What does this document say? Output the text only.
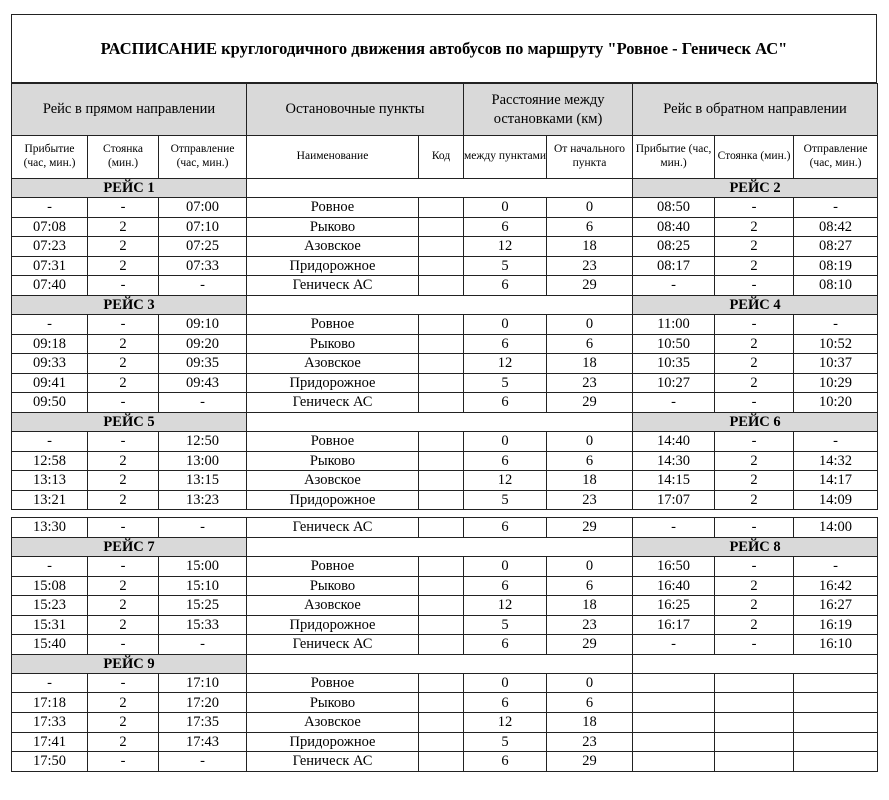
РАСПИСАНИЕ круглогодичного движения автобусов по маршруту "Ровное - Геническ АС"
Рейс в прямом направлении			Остановочные пункты		Расстояние между остановками (км)		Рейс в обратном направлении		
Прибытие (час, мин.)	Стоянка (мин.)	Отправление (час, мин.)	Наименование	Код	между пунктами	От начального пункта	Прибытие (час, мин.)	Стоянка (мин.)	Отправление (час, мин.)
РЕЙС 1							РЕЙС 2		
-	-	07:00	Ровное		0	0	08:50	-	-
07:08	2	07:10	Рыково		6	6	08:40	2	08:42
07:23	2	07:25	Азовское		12	18	08:25	2	08:27
07:31	2	07:33	Придорожное		5	23	08:17	2	08:19
07:40	-	-	Геническ АС		6	29	-	-	08:10
РЕЙС 3							РЕЙС 4		
-	-	09:10	Ровное		0	0	11:00	-	-
09:18	2	09:20	Рыково		6	6	10:50	2	10:52
09:33	2	09:35	Азовское		12	18	10:35	2	10:37
09:41	2	09:43	Придорожное		5	23	10:27	2	10:29
09:50	-	-	Геническ АС		6	29	-	-	10:20
РЕЙС 5							РЕЙС 6		
-	-	12:50	Ровное		0	0	14:40	-	-
12:58	2	13:00	Рыково		6	6	14:30	2	14:32
13:13	2	13:15	Азовское		12	18	14:15	2	14:17
13:21	2	13:23	Придорожное		5	23	17:07	2	14:09

13:30	-	-	Геническ АС		6	29	-	-	14:00
РЕЙС 7							РЕЙС 8		
-	-	15:00	Ровное		0	0	16:50	-	-
15:08	2	15:10	Рыково		6	6	16:40	2	16:42
15:23	2	15:25	Азовское		12	18	16:25	2	16:27
15:31	2	15:33	Придорожное		5	23	16:17	2	16:19
15:40	-	-	Геническ АС		6	29	-	-	16:10
РЕЙС 9									
-	-	17:10	Ровное		0	0			
17:18	2	17:20	Рыково		6	6			
17:33	2	17:35	Азовское		12	18			
17:41	2	17:43	Придорожное		5	23			
17:50	-	-	Геническ АС		6	29			
